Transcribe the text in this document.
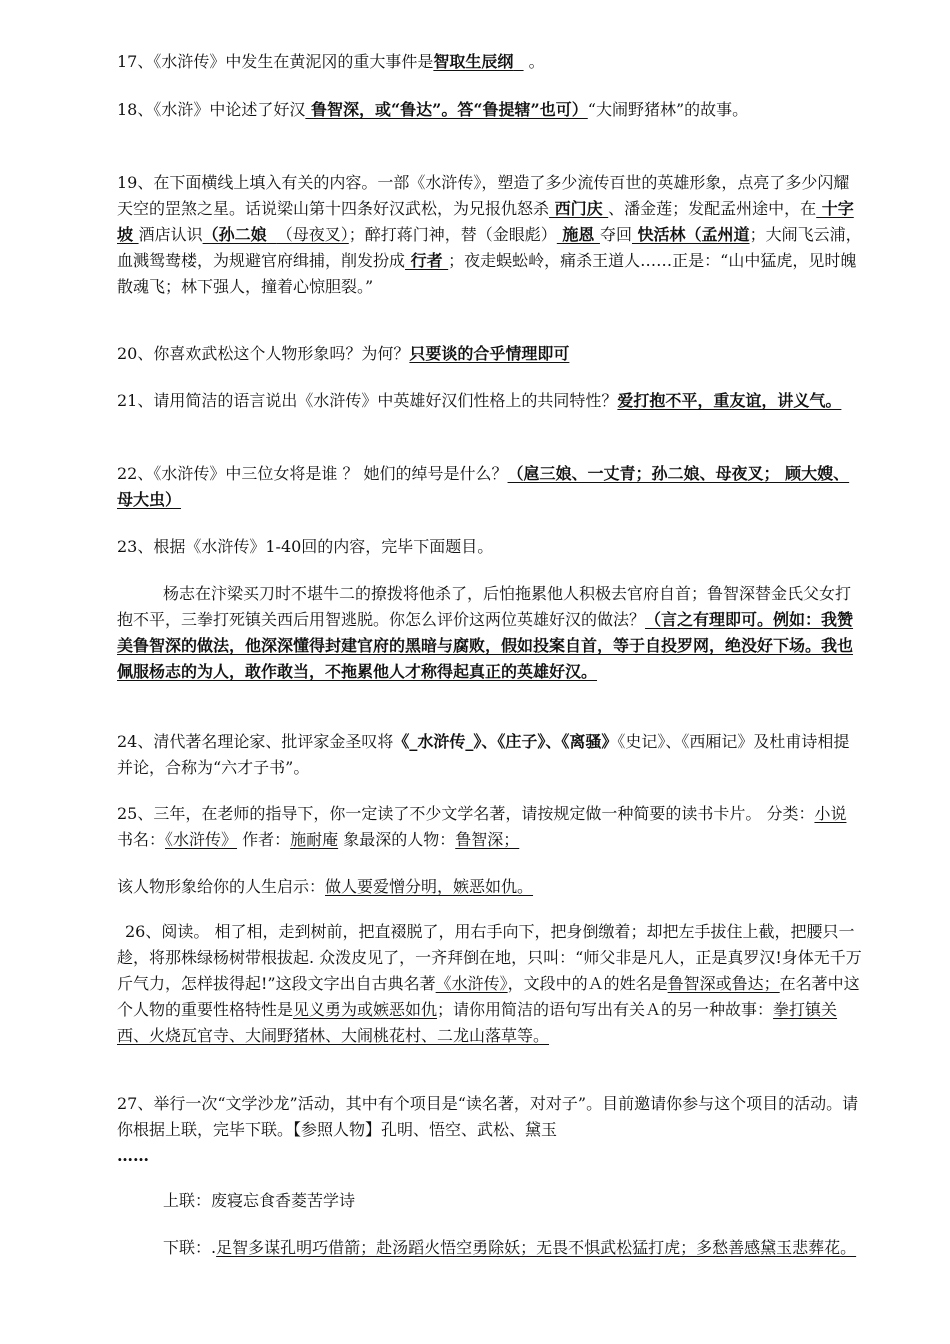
17、《水浒传》中发生在黄泥冈的重大事件是智取生辰纲   。

18、《水浒》中论述了好汉 鲁智深，或“鲁达”。答“鲁提辖”也可）“大闹野猪林”的故事。

19、在下面横线上填入有关的内容。一部《水浒传》，塑造了多少流传百世的英雄形象，点亮了多少闪耀天空的罡煞之星。话说梁山第十四条好汉武松，为兄报仇怒杀 西门庆 、潘金莲；发配孟州途中，在 十字坡 酒店认识（孙二娘 （母夜叉）；醉打蒋门神，替（金眼彪） 施恩 夺回 快活林（孟州道；大闹飞云浦，血溅鸳鸯楼，为规避官府缉捕，削发扮成 行者 ；夜走蜈蚣岭，痛杀王道人……正是：“山中猛虎，见时魄散魂飞；林下强人，撞着心惊胆裂。”

20、你喜欢武松这个人物形象吗？为何？只要谈的合乎情理即可

21、请用简洁的语言说出《水浒传》中英雄好汉们性格上的共同特性？爱打抱不平，重友谊，讲义气。

22、《水浒传》中三位女将是谁 ？ 她们的绰号是什么？（扈三娘、一丈青；孙二娘、母夜叉； 顾大嫂、母大虫）

23、根据《水浒传》1-40回的内容，完毕下面题目。

杨志在汴梁买刀时不堪牛二的撩拨将他杀了，后怕拖累他人积极去官府自首；鲁智深替金氏父女打抱不平，三拳打死镇关西后用智逃脱。你怎么评价这两位英雄好汉的做法？（言之有理即可。例如：我赞美鲁智深的做法，他深深懂得封建官府的黑暗与腐败，假如投案自首，等于自投罗网，绝没好下场。我也佩服杨志的为人，敢作敢当，不拖累他人才称得起真正的英雄好汉。

24、清代著名理论家、批评家金圣叹将《_水浒传_》、《庄子》、《离骚》《史记》、《西厢记》及杜甫诗相提并论，合称为“六才子书”。

25、三年，在老师的指导下，你一定读了不少文学名著，请按规定做一种简要的读书卡片。 分类：小说 书名：《水浒传》 作者：施耐庵 象最深的人物：鲁智深；

该人物形象给你的人生启示：做人要爱憎分明，嫉恶如仇。

26、阅读。 相了相，走到树前，把直裰脱了，用右手向下，把身倒缴着；却把左手拔住上截，把腰只一趁，将那株绿杨树带根拔起. 众泼皮见了，一齐拜倒在地，只叫：“师父非是凡人，正是真罗汉!身体无千万斤气力，怎样拔得起!”这段文字出自古典名著《水浒传》，文段中的Ａ的姓名是鲁智深或鲁达；在名著中这个人物的重要性格特性是见义勇为或嫉恶如仇；请你用简洁的语句写出有关Ａ的另一种故事：拳打镇关西、火烧瓦官寺、大闹野猪林、大闹桃花村、二龙山落草等。

27、举行一次“文学沙龙”活动，其中有个项目是“读名著，对对子”。目前邀请你参与这个项目的活动。请你根据上联，完毕下联。【参照人物】孔明、悟空、武松、黛玉
……

上联：废寝忘食香菱苦学诗

下联：.足智多谋孔明巧借箭；赴汤蹈火悟空勇除妖；无畏不惧武松猛打虎；多愁善感黛玉悲葬花。
